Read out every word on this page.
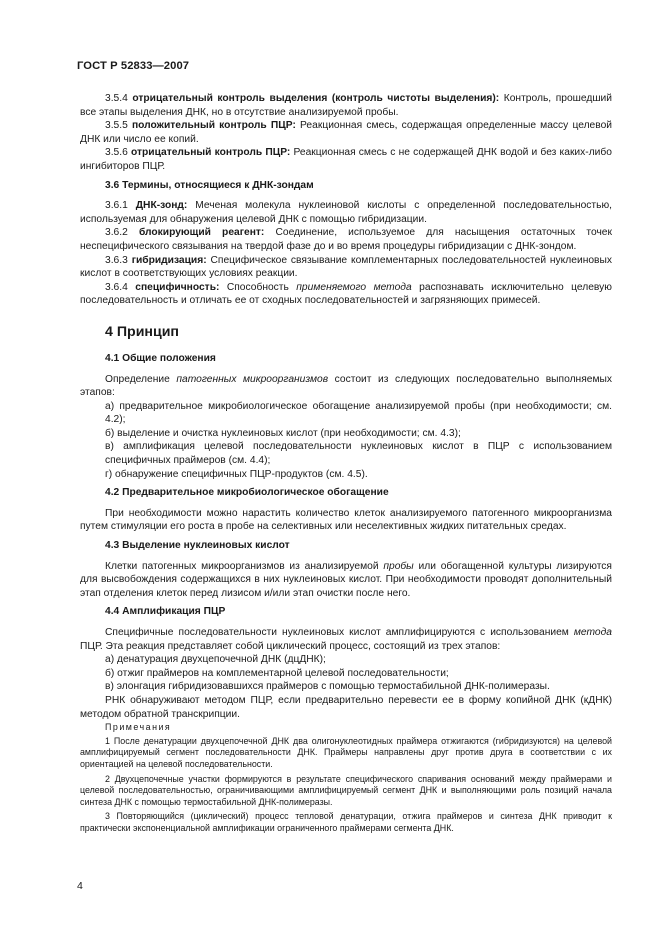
ГОСТ Р 52833—2007

3.5.4 отрицательный контроль выделения (контроль чистоты выделения): Контроль, прошедший все этапы выделения ДНК, но в отсутствие анализируемой пробы.

3.5.5 положительный контроль ПЦР: Реакционная смесь, содержащая определенные массу целевой ДНК или число ее копий.

3.5.6 отрицательный контроль ПЦР: Реакционная смесь с не содержащей ДНК водой и без каких-либо ингибиторов ПЦР.

3.6 Термины, относящиеся к ДНК-зондам

3.6.1 ДНК-зонд: Меченая молекула нуклеиновой кислоты с определенной последовательностью, используемая для обнаружения целевой ДНК с помощью гибридизации.

3.6.2 блокирующий реагент: Соединение, используемое для насыщения остаточных точек неспецифического связывания на твердой фазе до и во время процедуры гибридизации с ДНК-зондом.

3.6.3 гибридизация: Специфическое связывание комплементарных последовательностей нуклеиновых кислот в соответствующих условиях реакции.

3.6.4 специфичность: Способность применяемого метода распознавать исключительно целевую последовательность и отличать ее от сходных последовательностей и загрязняющих примесей.

4 Принцип

4.1 Общие положения

Определение патогенных микроорганизмов состоит из следующих последовательно выполняемых этапов:

а) предварительное микробиологическое обогащение анализируемой пробы (при необходимости; см. 4.2);

б) выделение и очистка нуклеиновых кислот (при необходимости; см. 4.3);

в) амплификация целевой последовательности нуклеиновых кислот в ПЦР с использованием специфичных праймеров (см. 4.4);

г) обнаружение специфичных ПЦР-продуктов (см. 4.5).

4.2 Предварительное микробиологическое обогащение

При необходимости можно нарастить количество клеток анализируемого патогенного микроорганизма путем стимуляции его роста в пробе на селективных или неселективных жидких питательных средах.

4.3 Выделение нуклеиновых кислот

Клетки патогенных микроорганизмов из анализируемой пробы или обогащенной культуры лизируются для высвобождения содержащихся в них нуклеиновых кислот. При необходимости проводят дополнительный этап отделения клеток перед лизисом и/или этап очистки после него.

4.4 Амплификация ПЦР

Специфичные последовательности нуклеиновых кислот амплифицируются с использованием метода ПЦР. Эта реакция представляет собой циклический процесс, состоящий из трех этапов:

а) денатурация двухцепочечной ДНК (дцДНК);

б) отжиг праймеров на комплементарной целевой последовательности;

в) элонгация гибридизовавшихся праймеров с помощью термостабильной ДНК-полимеразы.

РНК обнаруживают методом ПЦР, если предварительно перевести ее в форму копийной ДНК (кДНК) методом обратной транскрипции.

Примечания

1 После денатурации двухцепочечной ДНК два олигонуклеотидных праймера отжигаются (гибридизуются) на целевой амплифицируемый сегмент последовательности ДНК. Праймеры направлены друг против друга в соответствии с их ориентацией на целевой последовательности.

2 Двухцепочечные участки формируются в результате специфического спаривания оснований между праймерами и целевой последовательностью, ограничивающими амплифицируемый сегмент ДНК и выполняющими роль позиций начала синтеза ДНК с помощью термостабильной ДНК-полимеразы.

3 Повторяющийся (циклический) процесс тепловой денатурации, отжига праймеров и синтеза ДНК приводит к практически экспоненциальной амплификации ограниченного праймерами сегмента ДНК.

4
